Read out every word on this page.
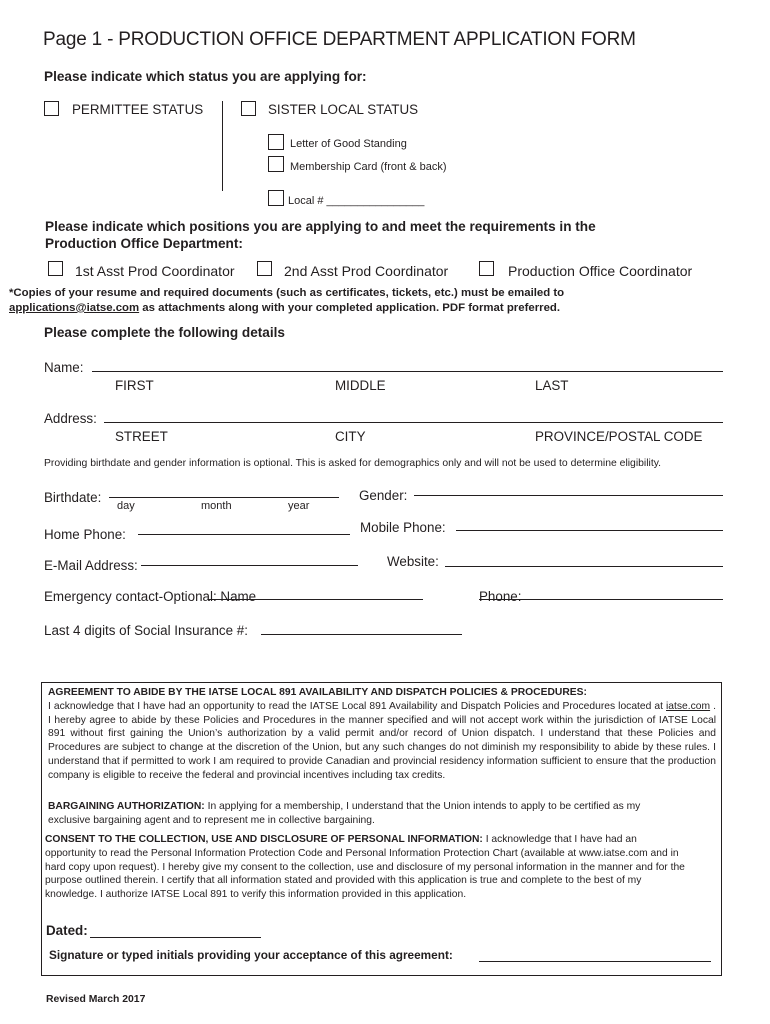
Page 1 - PRODUCTION OFFICE DEPARTMENT APPLICATION FORM
Please indicate which status you are applying for:
PERMITTEE STATUS	SISTER LOCAL STATUS
Letter of Good Standing
Membership Card (front & back)
Local # ________________
Please indicate which positions you are applying to and meet the requirements in the
Production Office Department:
1st Asst Prod Coordinator	2nd Asst Prod Coordinator	Production Office Coordinator
*Copies of your resume and required documents (such as certificates, tickets, etc.) must be emailed to
applications@iatse.com as attachments along with your completed application. PDF format preferred.
Please complete the following details
Name:
FIRST	MIDDLE	LAST
Address:
STREET	CITY	PROVINCE/POSTAL CODE
Providing birthdate and gender information is optional. This is asked for demographics only and will not be used to determine eligibility.
Birthdate:
day	month	year
Gender:
Home Phone:	Mobile Phone:
E-Mail Address:	Website:
Emergency contact-Optional: Name	Phone:
Last 4 digits of Social Insurance #:

AGREEMENT TO ABIDE BY THE IATSE LOCAL 891 AVAILABILITY AND DISPATCH POLICIES & PROCEDURES:
I acknowledge that I have had an opportunity to read the IATSE Local 891 Availability and Dispatch Policies and Procedures located at iatse.com . I hereby agree to abide by these Policies and Procedures in the manner specified and will not accept work within the jurisdiction of IATSE Local 891 without first gaining the Union’s authorization by a valid permit and/or record of Union dispatch. I understand that these Policies and Procedures are subject to change at the discretion of the Union, but any such changes do not diminish my responsibility to abide by these rules. I understand that if permitted to work I am required to provide Canadian and provincial residency information sufficient to ensure that the production company is eligible to receive the federal and provincial incentives including tax credits.

BARGAINING AUTHORIZATION: In applying for a membership, I understand that the Union intends to apply to be certified as my exclusive bargaining agent and to represent me in collective bargaining.

CONSENT TO THE COLLECTION, USE AND DISCLOSURE OF PERSONAL INFORMATION: I acknowledge that I have had an opportunity to read the Personal Information Protection Code and Personal Information Protection Chart (available at www.iatse.com and in hard copy upon request). I hereby give my consent to the collection, use and disclosure of my personal information in the manner and for the purpose outlined therein. I certify that all information stated and provided with this application is true and complete to the best of my knowledge. I authorize IATSE Local 891 to verify this information provided in this application.

Dated:
Signature or typed initials providing your acceptance of this agreement:
Revised March 2017
